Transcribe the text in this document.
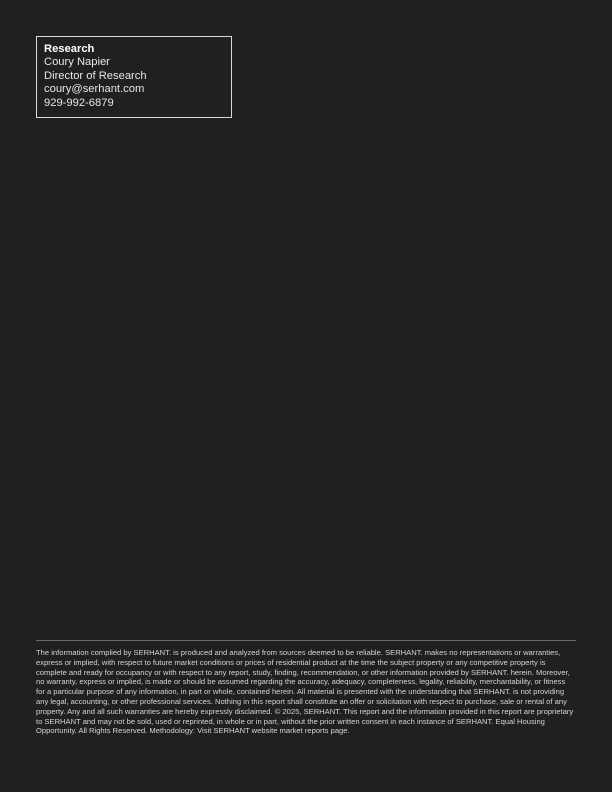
Research
Coury Napier
Director of Research
coury@serhant.com
929-992-6879

The information complied by SERHANT. is produced and analyzed from sources deemed to be reliable. SERHANT. makes no representations or warranties, express or implied, with respect to future market conditions or prices of residential product at the time the subject property or any competitive property is complete and ready for occupancy or with respect to any report, study, finding, recommendation, or other information provided by SERHANT. herein. Moreover, no warranty, express or implied, is made or should be assumed regarding the accuracy, adequacy, completeness, legality, reliability, merchantability, or fitness for a particular purpose of any information, in part or whole, contained herein. All material is presented with the understanding that SERHANT. is not providing any legal, accounting, or other professional services. Nothing in this report shall constitute an offer or solicitation with respect to purchase, sale or rental of any property. Any and all such warranties are hereby expressly disclaimed. © 2025, SERHANT. This report and the information provided in this report are proprietary to SERHANT and may not be sold, used or reprinted, in whole or in part, without the prior written consent in each instance of SERHANT. Equal Housing Opportunity. All Rights Reserved. Methodology: Visit SERHANT website market reports page.
